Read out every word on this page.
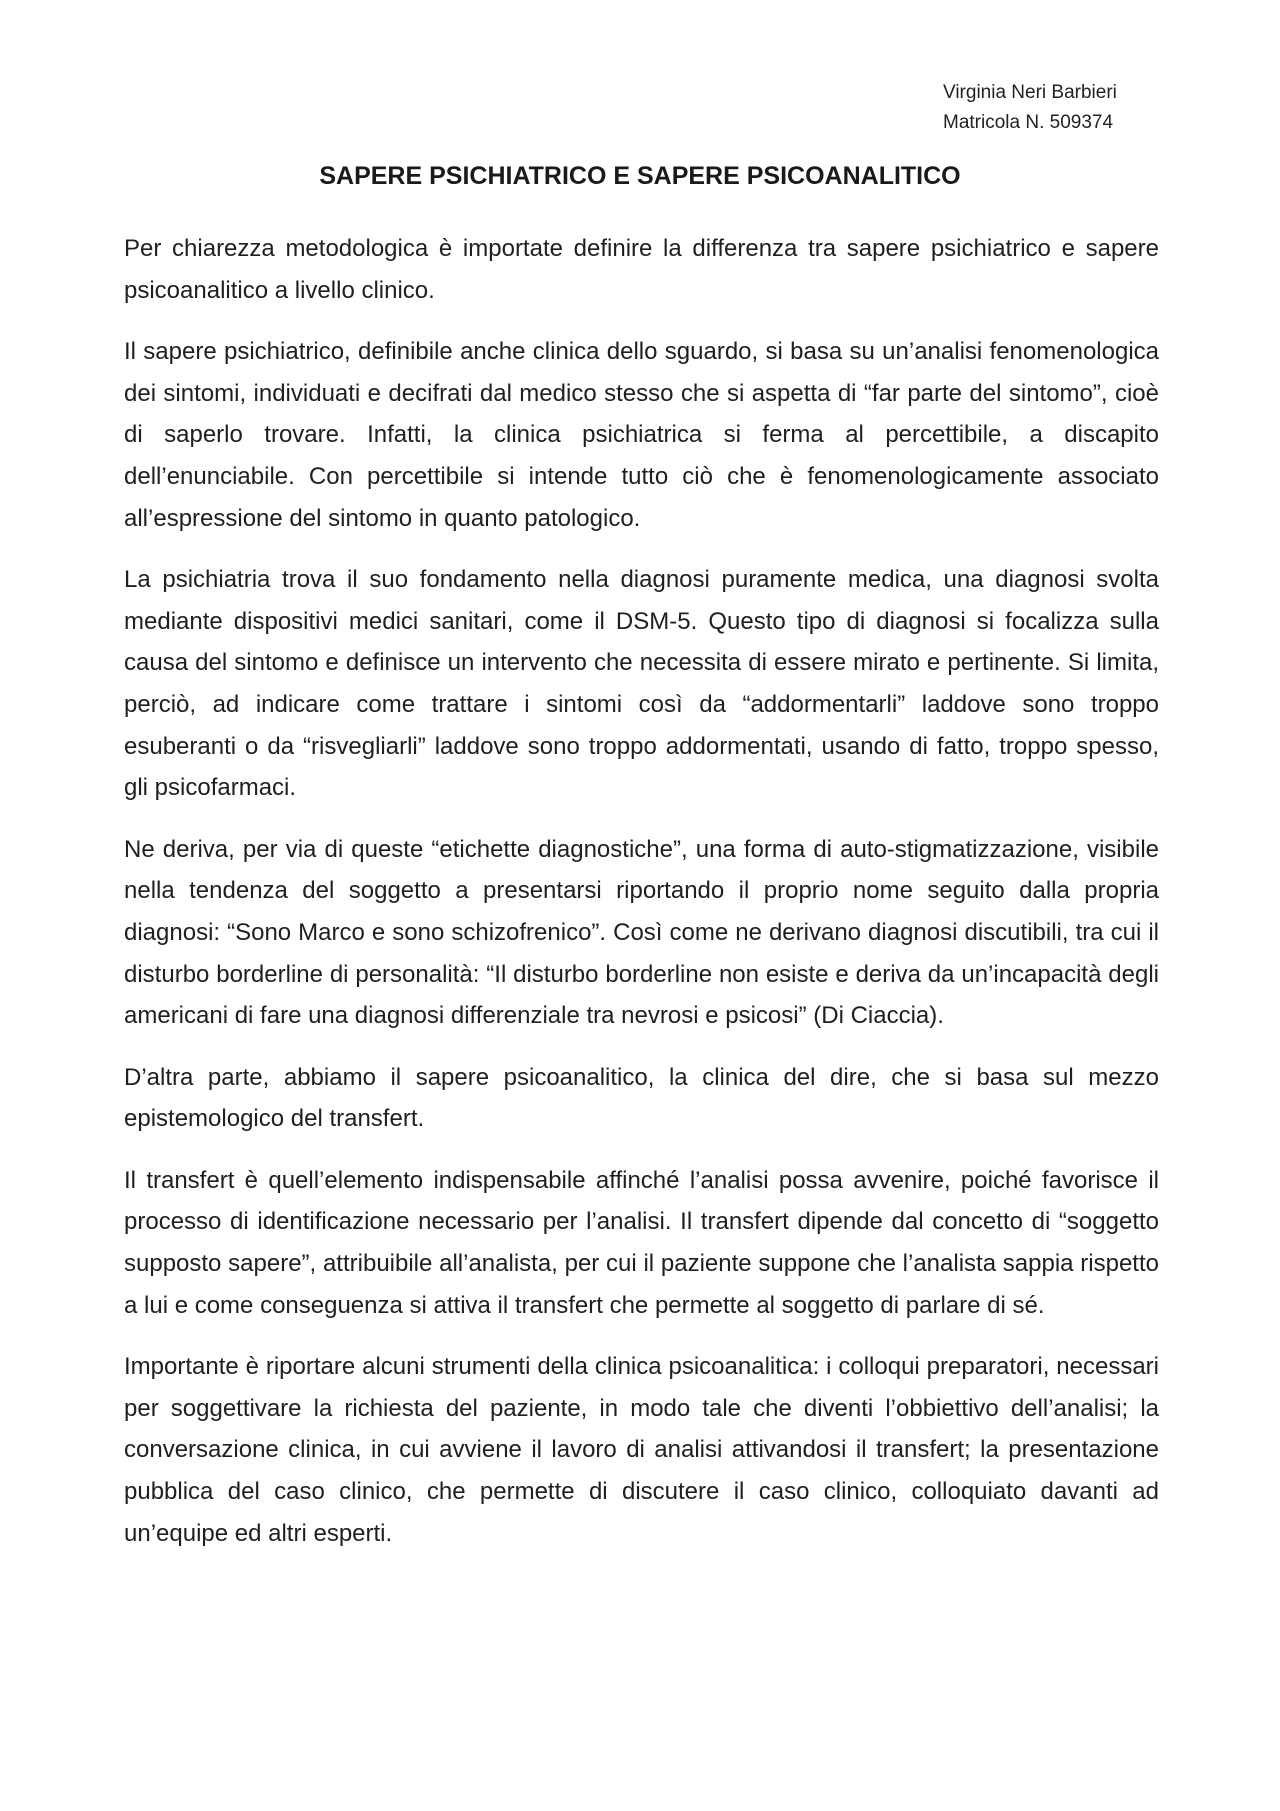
Virginia Neri Barbieri
Matricola N. 509374
SAPERE PSICHIATRICO E SAPERE PSICOANALITICO

Per chiarezza metodologica è importate definire la differenza tra sapere psichiatrico e sapere psicoanalitico a livello clinico.

Il sapere psichiatrico, definibile anche clinica dello sguardo, si basa su un’analisi fenomenologica dei sintomi, individuati e decifrati dal medico stesso che si aspetta di “far parte del sintomo”, cioè di saperlo trovare. Infatti, la clinica psichiatrica si ferma al percettibile, a discapito dell’enunciabile. Con percettibile si intende tutto ciò che è fenomenologicamente associato all’espressione del sintomo in quanto patologico.

La psichiatria trova il suo fondamento nella diagnosi puramente medica, una diagnosi svolta mediante dispositivi medici sanitari, come il DSM-5. Questo tipo di diagnosi si focalizza sulla causa del sintomo e definisce un intervento che necessita di essere mirato e pertinente. Si limita, perciò, ad indicare come trattare i sintomi così da “addormentarli” laddove sono troppo esuberanti o da “risvegliarli” laddove sono troppo addormentati, usando di fatto, troppo spesso, gli psicofarmaci.

Ne deriva, per via di queste “etichette diagnostiche”, una forma di auto-stigmatizzazione, visibile nella tendenza del soggetto a presentarsi riportando il proprio nome seguito dalla propria diagnosi: “Sono Marco e sono schizofrenico”. Così come ne derivano diagnosi discutibili, tra cui il disturbo borderline di personalità: “Il disturbo borderline non esiste e deriva da un’incapacità degli americani di fare una diagnosi differenziale tra nevrosi e psicosi” (Di Ciaccia).

D’altra parte, abbiamo il sapere psicoanalitico, la clinica del dire, che si basa sul mezzo epistemologico del transfert.

Il transfert è quell’elemento indispensabile affinché l’analisi possa avvenire, poiché favorisce il processo di identificazione necessario per l’analisi. Il transfert dipende dal concetto di “soggetto supposto sapere”, attribuibile all’analista, per cui il paziente suppone che l’analista sappia rispetto a lui e come conseguenza si attiva il transfert che permette al soggetto di parlare di sé.

Importante è riportare alcuni strumenti della clinica psicoanalitica: i colloqui preparatori, necessari per soggettivare la richiesta del paziente, in modo tale che diventi l’obbiettivo dell’analisi; la conversazione clinica, in cui avviene il lavoro di analisi attivandosi il transfert; la presentazione pubblica del caso clinico, che permette di discutere il caso clinico, colloquiato davanti ad un’equipe ed altri esperti.
